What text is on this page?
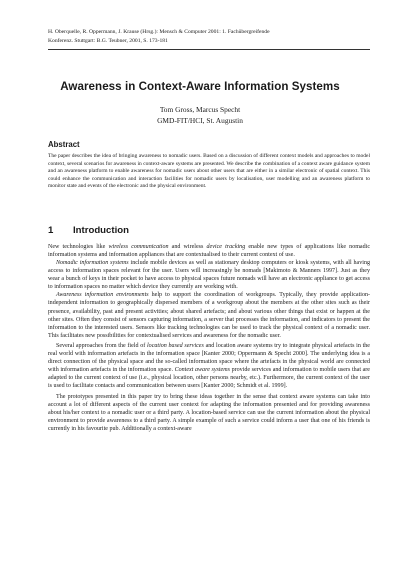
H. Oberquelle, R. Oppermann, J. Krause (Hrsg.): Mensch & Computer 2001: 1. Fachübergreifende
Konferenz. Stuttgart: B.G. Teubner, 2001, S. 173-181
Awareness in Context-Aware Information Systems
Tom Gross, Marcus Specht
GMD-FIT/HCI, St. Augustin
Abstract
The paper describes the idea of bringing awareness to nomadic users. Based on a discussion of different context models and approaches to model context, several scenarios for awareness in context-aware systems are presented. We describe the combination of a context aware guidance system and an awareness platform to enable awareness for nomadic users about other users that are either in a similar electronic of spatial context. This could enhance the communication and interaction facilities for nomadic users by localisation, user modelling and an awareness platform to monitor state and events of the electronic and the physical environment.
1 Introduction

New technologies like wireless communication and wireless device tracking enable new types of applications like nomadic information systems and information appliances that are contextualised to their current context of use.

Nomadic information systems include mobile devices as well as stationary desktop computers or kiosk systems, with all having access to information spaces relevant for the user. Users will increasingly be nomads [Makimoto & Manners 1997]. Just as they wear a bunch of keys in their pocket to have access to physical spaces future nomads will have an electronic appliance to get access to information spaces no matter which device they currently are working with.

Awareness information environments help to support the coordination of workgroups. Typically, they provide application-independent information to geographically dispersed members of a workgroup about the members at the other sites such as their presence, availability, past and present activities; about shared artefacts; and about various other things that exist or happen at the other sites. Often they consist of sensors capturing information, a server that processes the information, and indicators to present the information to the interested users. Sensors like tracking technologies can be used to track the physical context of a nomadic user. This facilitates new possibilities for contextualised services and awareness for the nomadic user.

Several approaches from the field of location based services and location aware systems try to integrate physical artefacts in the real world with information artefacts in the information space [Kanter 2000; Oppermann & Specht 2000]. The underlying idea is a direct connection of the physical space and the so-called information space where the artefacts in the physical world are connected with information artefacts in the information space. Context aware systems provide services and information to mobile users that are adapted to the current context of use (i.e., physical location, other persons nearby, etc.). Furthermore, the current context of the user is used to facilitate contacts and communication between users [Kanter 2000; Schmidt et al. 1999].

The prototypes presented in this paper try to bring these ideas together in the sense that context aware systems can take into account a lot of different aspects of the current user context for adapting the information presented and for providing awareness about his/her context to a nomadic user or a third party. A location-based service can use the current information about the physical environment to provide awareness to a third party. A simple example of such a service could inform a user that one of his friends is currently in his favourite pub. Additionally a context-aware
